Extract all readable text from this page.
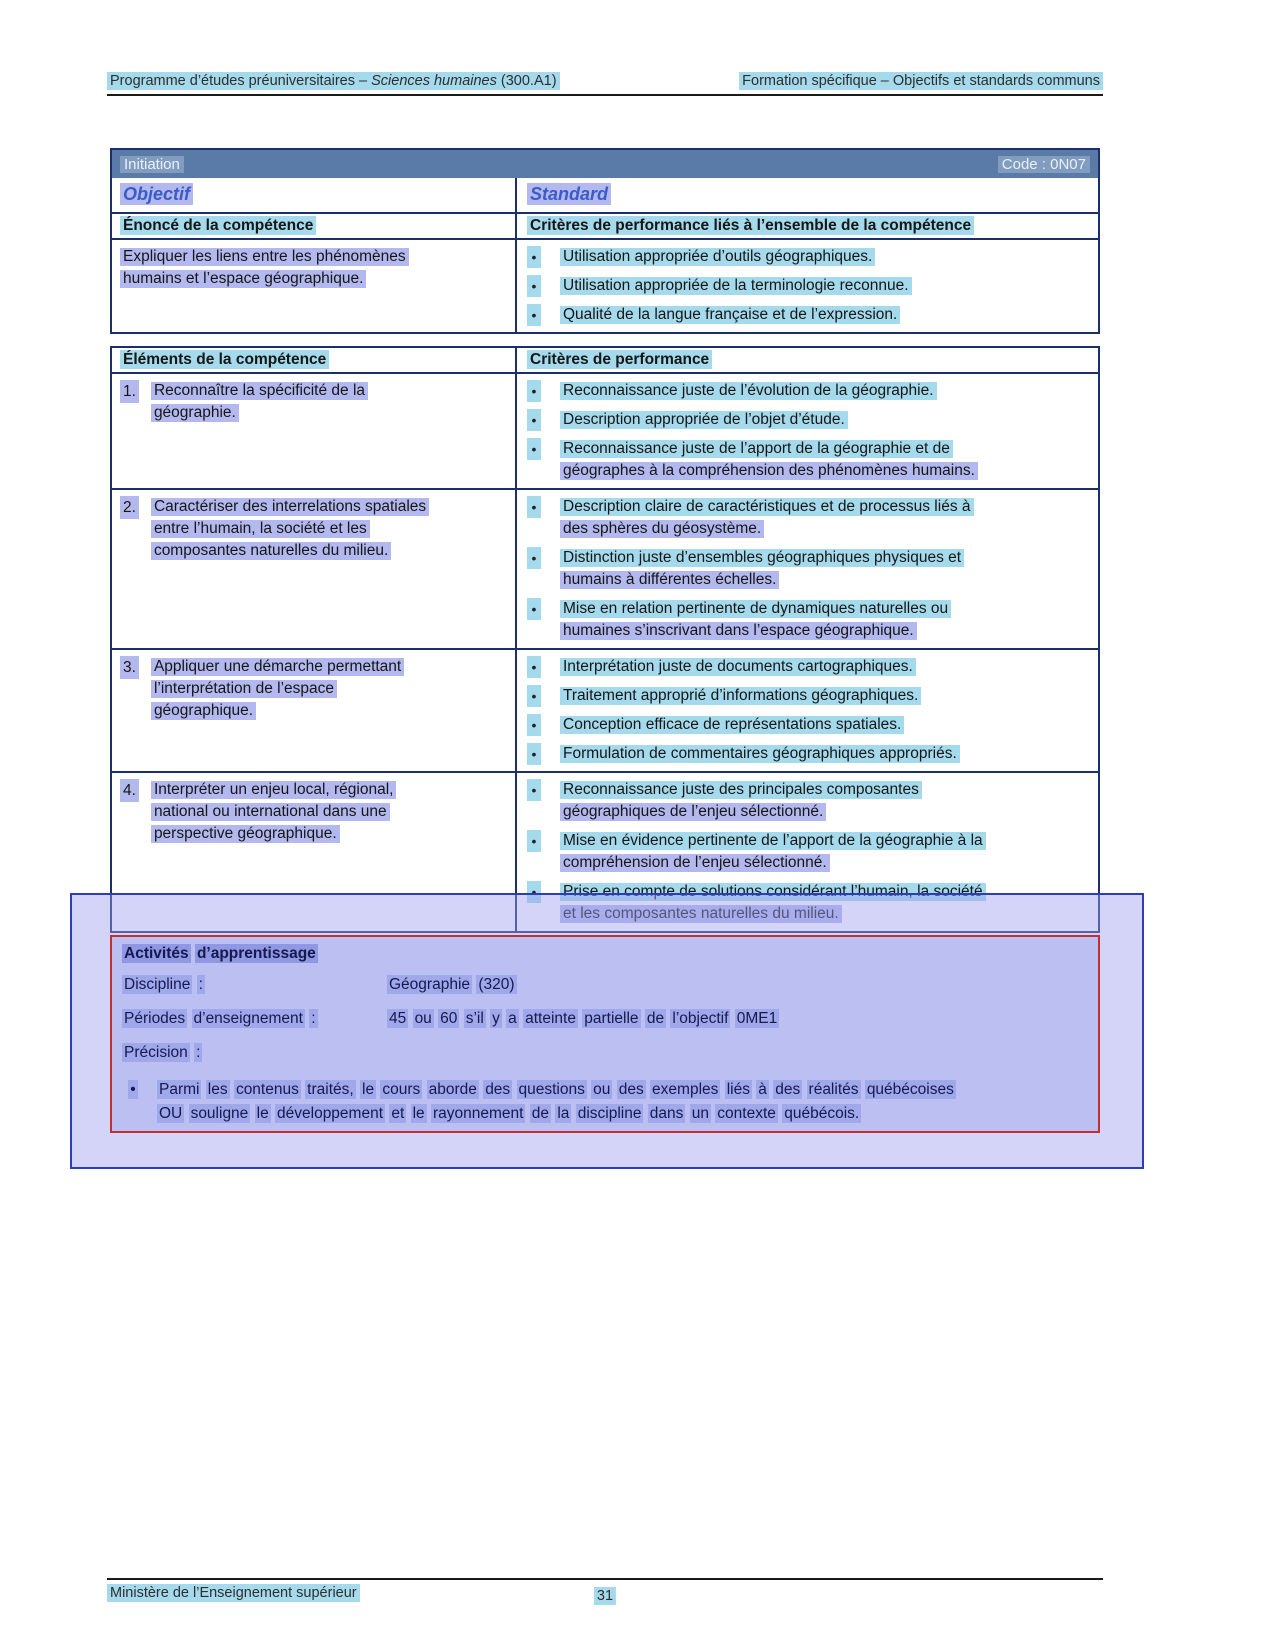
Programme d’études préuniversitaires – Sciences humaines (300.A1)	Formation spécifique – Objectifs et standards communs
Initiation	Code : 0N07
Objectif	Standard
Énoncé de la compétence	Critères de performance liés à l’ensemble de la compétence
Expliquer les liens entre les phénomènes
humains et l’espace géographique.
• Utilisation appropriée d’outils géographiques.
• Utilisation appropriée de la terminologie reconnue.
• Qualité de la langue française et de l’expression.
Éléments de la compétence	Critères de performance
1. Reconnaître la spécificité de la
géographie.
• Reconnaissance juste de l’évolution de la géographie.
• Description appropriée de l’objet d’étude.
• Reconnaissance juste de l’apport de la géographie et de
géographes à la compréhension des phénomènes humains.
2. Caractériser des interrelations spatiales
entre l’humain, la société et les
composantes naturelles du milieu.
• Description claire de caractéristiques et de processus liés à
des sphères du géosystème.
• Distinction juste d’ensembles géographiques physiques et
humains à différentes échelles.
• Mise en relation pertinente de dynamiques naturelles ou
humaines s’inscrivant dans l’espace géographique.
3. Appliquer une démarche permettant
l’interprétation de l’espace
géographique.
• Interprétation juste de documents cartographiques.
• Traitement approprié d’informations géographiques.
• Conception efficace de représentations spatiales.
• Formulation de commentaires géographiques appropriés.
4. Interpréter un enjeu local, régional,
national ou international dans une
perspective géographique.
• Reconnaissance juste des principales composantes
géographiques de l’enjeu sélectionné.
• Mise en évidence pertinente de l’apport de la géographie à la
compréhension de l’enjeu sélectionné.
• Prise en compte de solutions considérant l’humain, la société
et les composantes naturelles du milieu.
Activités d’apprentissage
Discipline :	Géographie (320)
Périodes d’enseignement :	45 ou 60 s’il y a atteinte partielle de l’objectif 0ME1
Précision :
• Parmi les contenus traités, le cours aborde des questions ou des exemples liés à des réalités québécoises
OU souligne le développement et le rayonnement de la discipline dans un contexte québécois.
Ministère de l’Enseignement supérieur	31
